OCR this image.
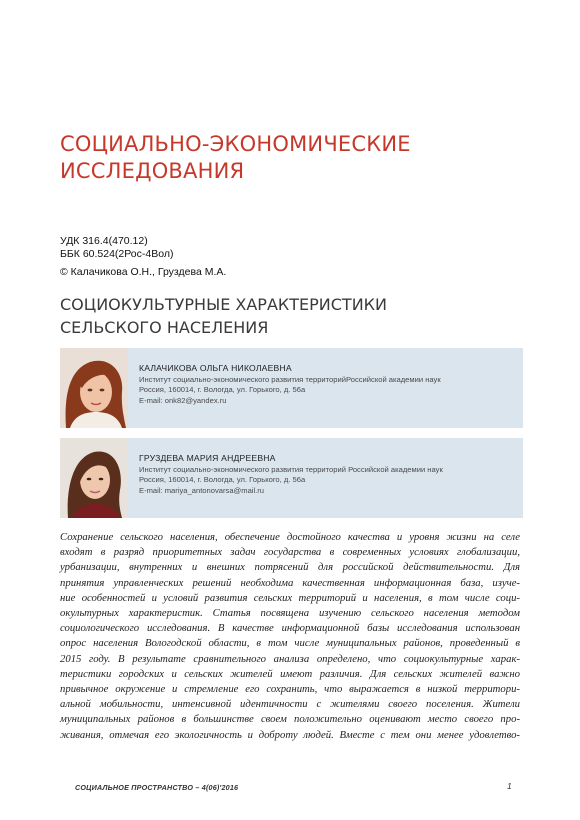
СОЦИАЛЬНО-ЭКОНОМИЧЕСКИЕ
ИССЛЕДОВАНИЯ
УДК 316.4(470.12)
ББК 60.524(2Рос-4Вол)
© Калачикова О.Н., Груздева М.А.
СОЦИОКУЛЬТУРНЫЕ ХАРАКТЕРИСТИКИ
СЕЛЬСКОГО НАСЕЛЕНИЯ
КАЛАЧИКОВА ОЛЬГА НИКОЛАЕВНА
Институт социально-экономического развития территорийРоссийской академии наук
Россия, 160014, г. Вологда, ул. Горького, д. 56а
E-mail: onk82@yandex.ru
ГРУЗДЕВА МАРИЯ АНДРЕЕВНА
Институт социально-экономического развития территорий Российской академии наук
Россия, 160014, г. Вологда, ул. Горького, д. 56а
E-mail: mariya_antonovarsa@mail.ru
Сохранение сельского населения, обеспечение достойного качества и уровня жизни на селе
входят в разряд приоритетных задач государства в современных условиях глобализации,
урбанизации, внутренних и внешних потрясений для российской действительности. Для
принятия управленческих решений необходима качественная информационная база, изуче-
ние особенностей и условий развития сельских территорий и населения, в том числе соци-
окультурных характеристик. Статья посвящена изучению сельского населения методом
социологического исследования. В качестве информационной базы исследования использован
опрос населения Вологодской области, в том числе муниципальных районов, проведенный в
2015 году. В результате сравнительного анализа определено, что социокультурные харак-
теристики городских и сельских жителей имеют различия. Для сельских жителей важно
привычное окружение и стремление его сохранить, что выражается в низкой территори-
альной мобильности, интенсивной идентичности с жителями своего поселения. Жители
муниципальных районов в большинстве своем положительно оценивают место своего про-
живания, отмечая его экологичность и доброту людей. Вместе с тем они менее удовлетво-
СОЦИАЛЬНОЕ ПРОСТРАНСТВО – 4(06)'2016	1
